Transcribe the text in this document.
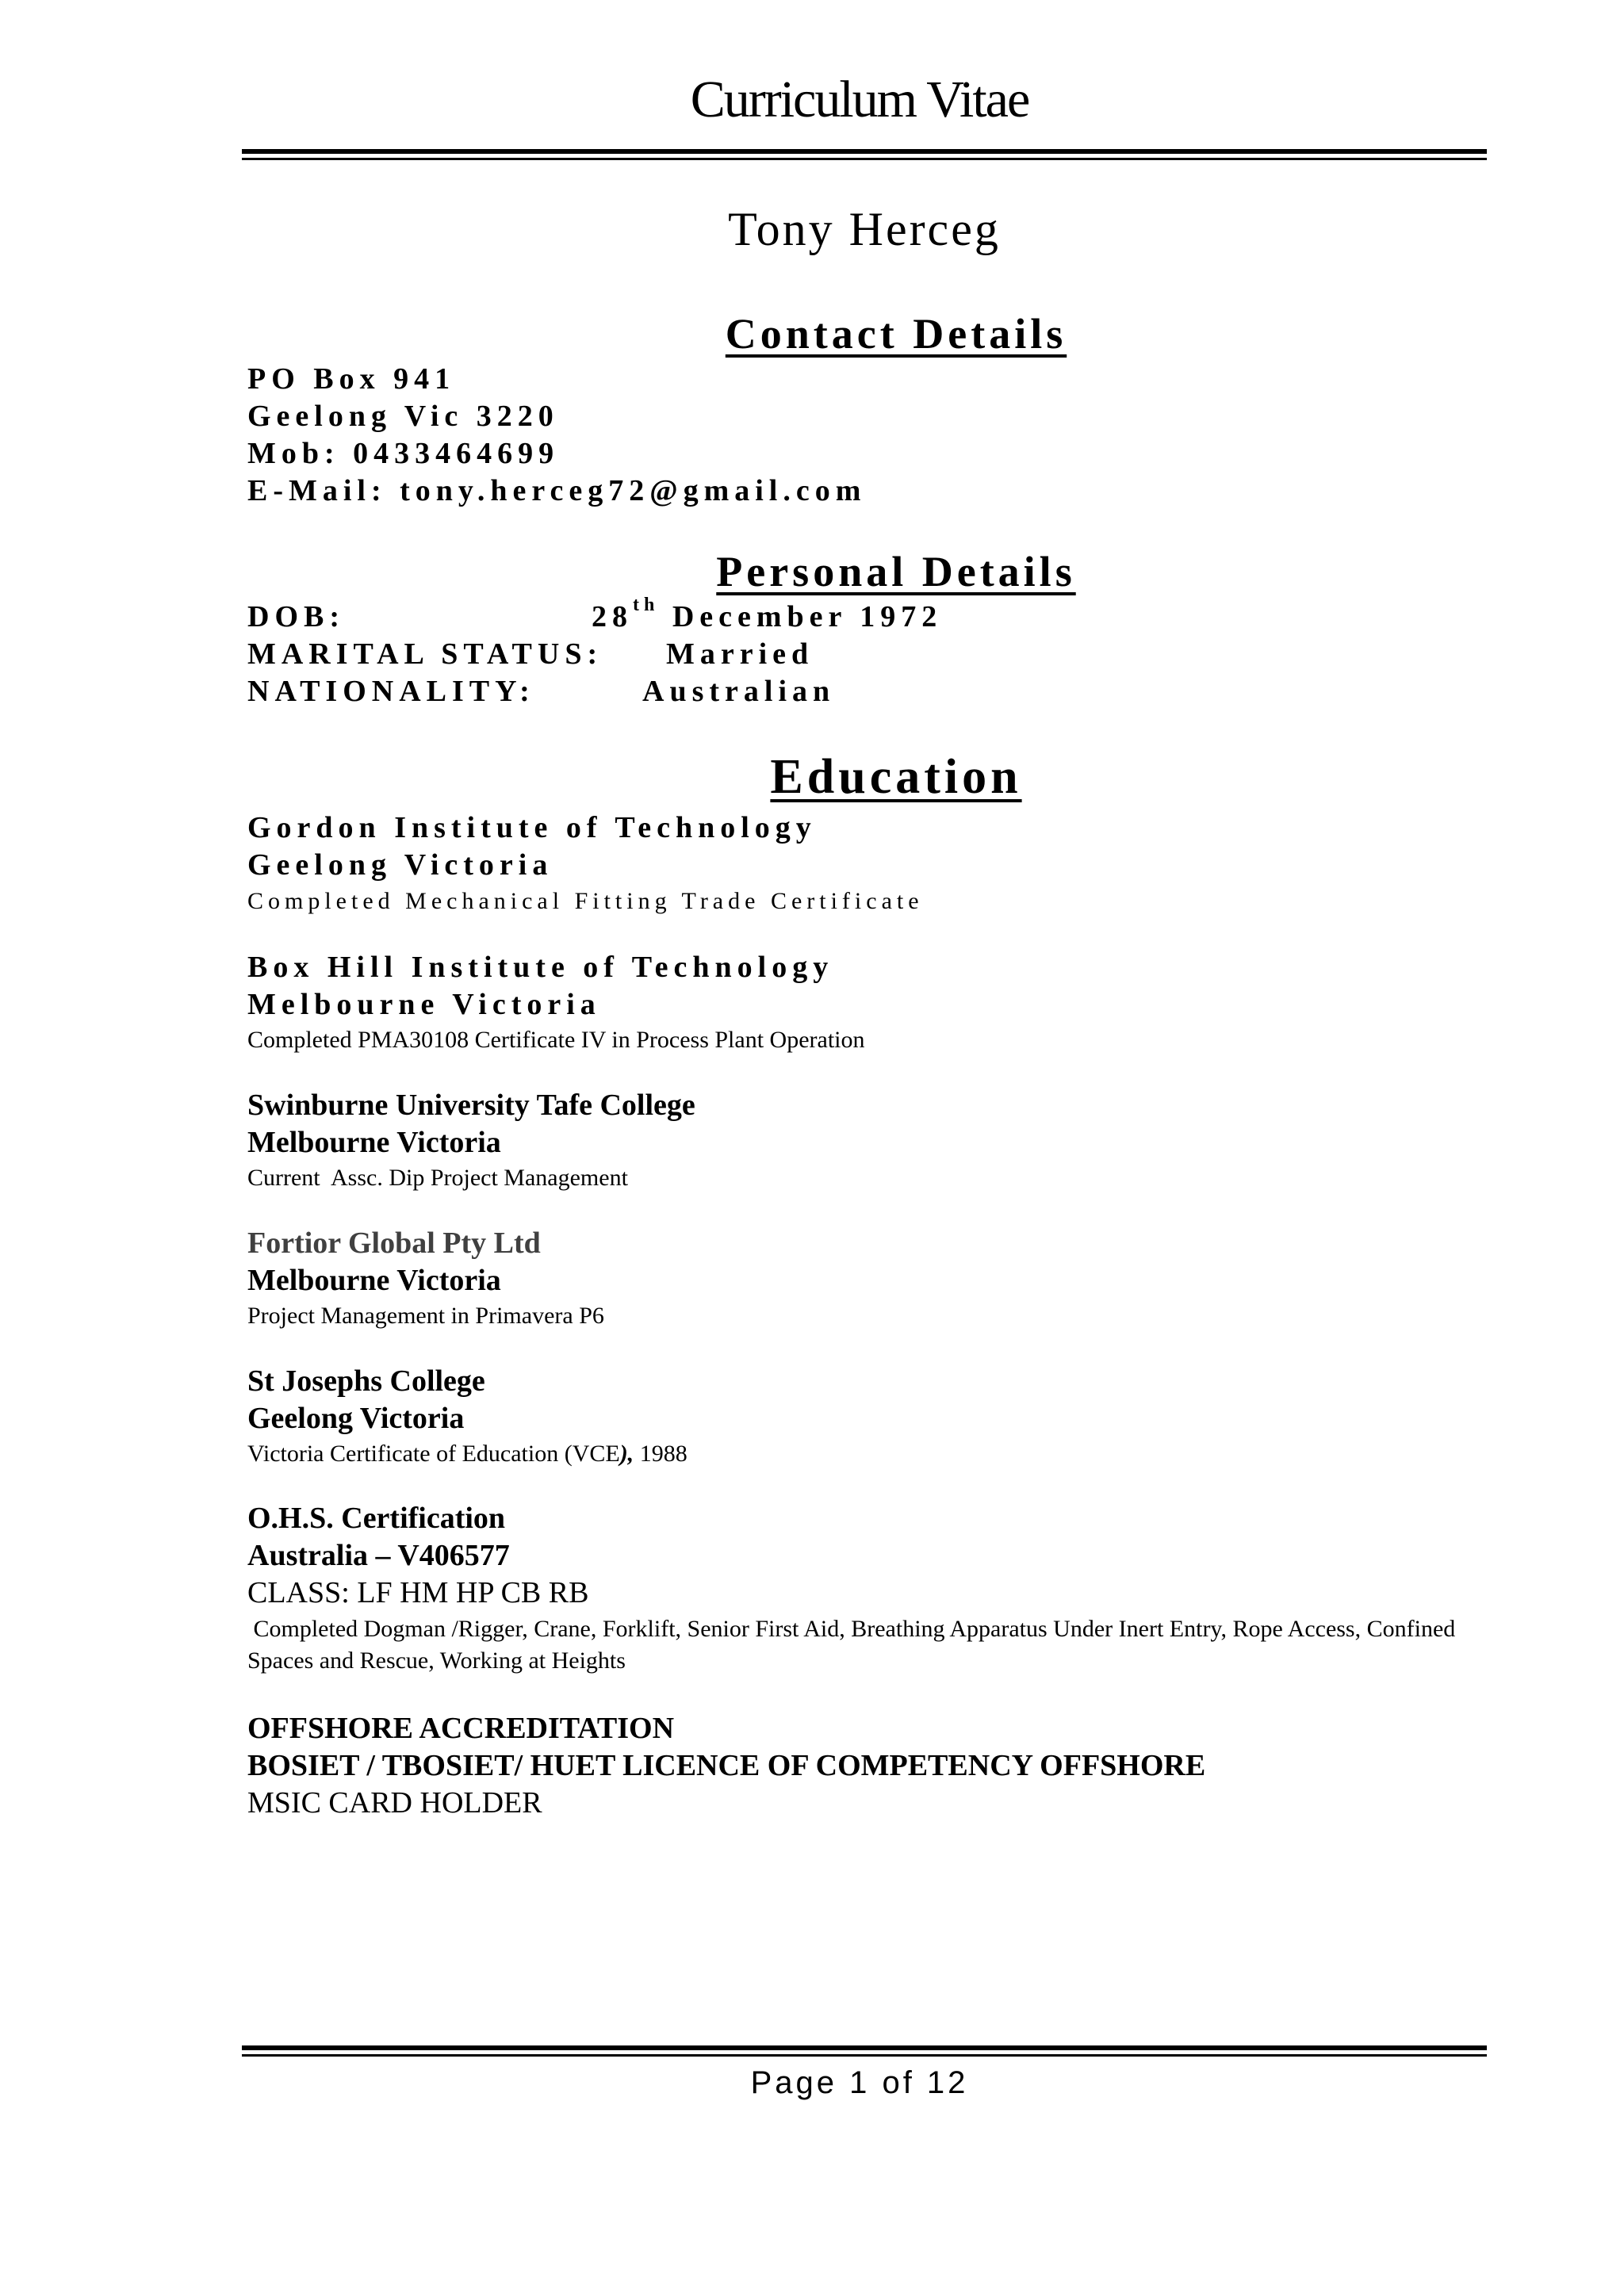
Curriculum Vitae
Tony Herceg
Contact Details
PO Box 941
Geelong Vic 3220
Mob: 0433464699
E-Mail: tony.herceg72@gmail.com
Personal Details
DOB:	28th December 1972
MARITAL STATUS: Married
NATIONALITY:	Australian
Education
Gordon Institute of Technology
Geelong Victoria
Completed Mechanical Fitting Trade Certificate
Box Hill Institute of Technology
Melbourne Victoria
Completed PMA30108 Certificate IV in Process Plant Operation
Swinburne University Tafe College
Melbourne Victoria
Current  Assc. Dip Project Management
Fortior Global Pty Ltd
Melbourne Victoria
Project Management in Primavera P6
St Josephs College
Geelong Victoria
Victoria Certificate of Education (VCE), 1988
O.H.S. Certification
Australia – V406577
CLASS: LF HM HP CB RB
Completed Dogman /Rigger, Crane, Forklift, Senior First Aid, Breathing Apparatus Under Inert Entry, Rope Access, Confined Spaces and Rescue, Working at Heights
OFFSHORE ACCREDITATION
BOSIET / TBOSIET/ HUET LICENCE OF COMPETENCY OFFSHORE
MSIC CARD HOLDER
Page 1 of 12
